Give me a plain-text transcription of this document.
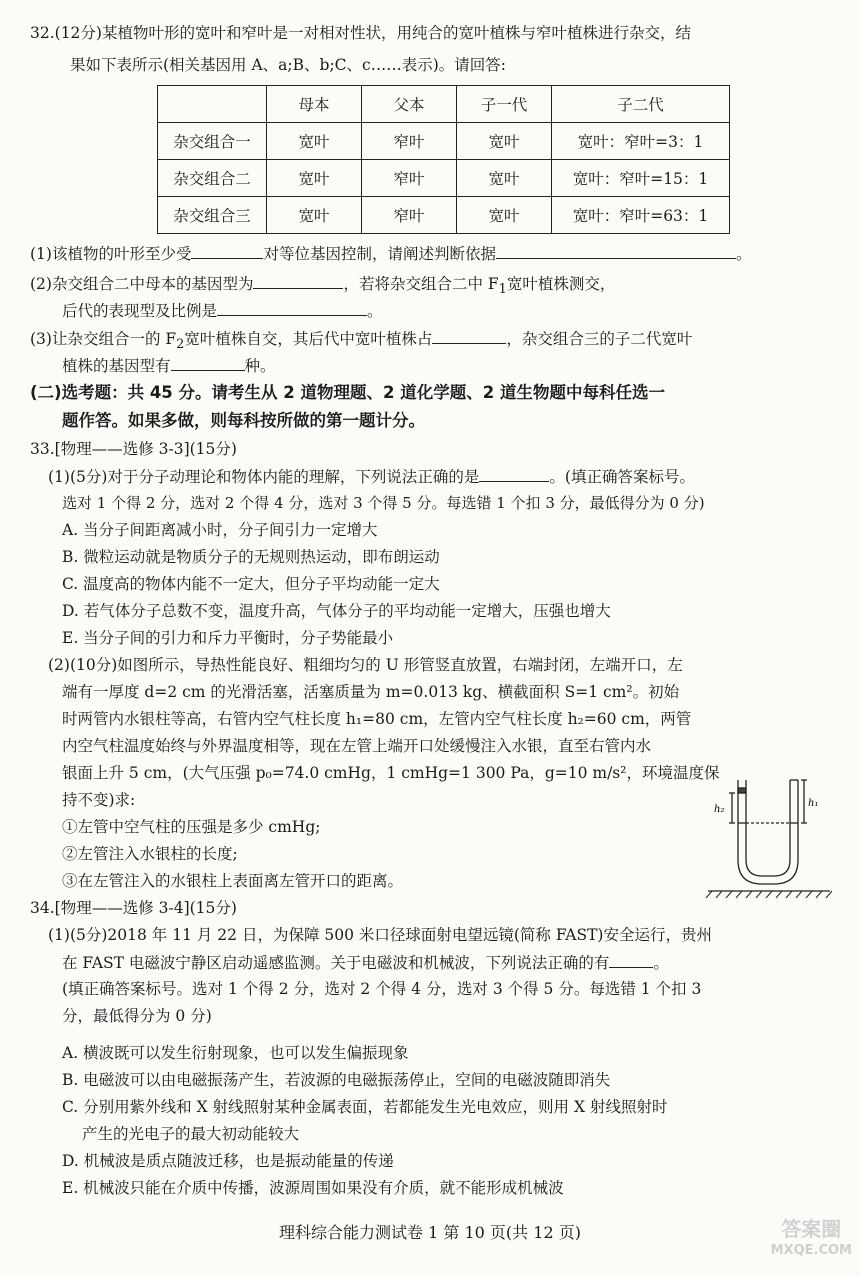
32.(12分)某植物叶形的宽叶和窄叶是一对相对性状，用纯合的宽叶植株与窄叶植株进行杂交，结
果如下表所示(相关基因用 A、a;B、b;C、c……表示)。请回答:
	母本	父本	子一代	子二代
杂交组合一	宽叶	窄叶	宽叶	宽叶：窄叶=3：1
杂交组合二	宽叶	窄叶	宽叶	宽叶：窄叶=15：1
杂交组合三	宽叶	窄叶	宽叶	宽叶：窄叶=63：1
(1)该植物的叶形至少受	对等位基因控制，请阐述判断依据	。
(2)杂交组合二中母本的基因型为	，若将杂交组合二中 $F_1$宽叶植株测交，
后代的表现型及比例是	。
(3)让杂交组合一的 $F_2$宽叶植株自交，其后代中宽叶植株占	，杂交组合三的子二代宽叶
植株的基因型有	种。
(二)选考题：共 45 分。请考生从 2 道物理题、2 道化学题、2 道生物题中每科任选一
题作答。如果多做，则每科按所做的第一题计分。
33.[物理——选修 3-3](15分)
(1)(5分)对于分子动理论和物体内能的理解，下列说法正确的是	。(填正确答案标号。
选对 1 个得 2 分，选对 2 个得 4 分，选对 3 个得 5 分。每选错 1 个扣 3 分，最低得分为 0 分)
A. 当分子间距离减小时，分子间引力一定增大
B. 微粒运动就是物质分子的无规则热运动，即布朗运动
C. 温度高的物体内能不一定大，但分子平均动能一定大
D. 若气体分子总数不变，温度升高，气体分子的平均动能一定增大，压强也增大
E. 当分子间的引力和斥力平衡时，分子势能最小
(2)(10分)如图所示，导热性能良好、粗细均匀的 U 形管竖直放置，右端封闭，左端开口，左
端有一厚度 d=2 cm 的光滑活塞，活塞质量为 m=0.013 kg、横截面积 S=1 cm²。初始
时两管内水银柱等高，右管内空气柱长度 h₁=80 cm，左管内空气柱长度 h₂=60 cm，两管
内空气柱温度始终与外界温度相等，现在左管上端开口处缓慢注入水银，直至右管内水
银面上升 5 cm，(大气压强 p₀=74.0 cmHg，1 cmHg=1 300 Pa，g=10 m/s²，环境温度保
持不变)求:
①左管中空气柱的压强是多少 cmHg;
②左管注入水银柱的长度;
③在左管注入的水银柱上表面离左管开口的距离。
h₂
h₁
34.[物理——选修 3-4](15分)
(1)(5分)2018 年 11 月 22 日，为保障 500 米口径球面射电望远镜(简称 FAST)安全运行，贵州
在 FAST 电磁波宁静区启动遥感监测。关于电磁波和机械波，下列说法正确的有	。
(填正确答案标号。选对 1 个得 2 分，选对 2 个得 4 分，选对 3 个得 5 分。每选错 1 个扣 3
分，最低得分为 0 分)
A. 横波既可以发生衍射现象，也可以发生偏振现象
B. 电磁波可以由电磁振荡产生，若波源的电磁振荡停止，空间的电磁波随即消失
C. 分别用紫外线和 X 射线照射某种金属表面，若都能发生光电效应，则用 X 射线照射时
产生的光电子的最大初动能较大
D. 机械波是质点随波迁移，也是振动能量的传递
E. 机械波只能在介质中传播，波源周围如果没有介质，就不能形成机械波
理科综合能力测试卷 1 第 10 页(共 12 页)	答案圈
MXQE.COM
